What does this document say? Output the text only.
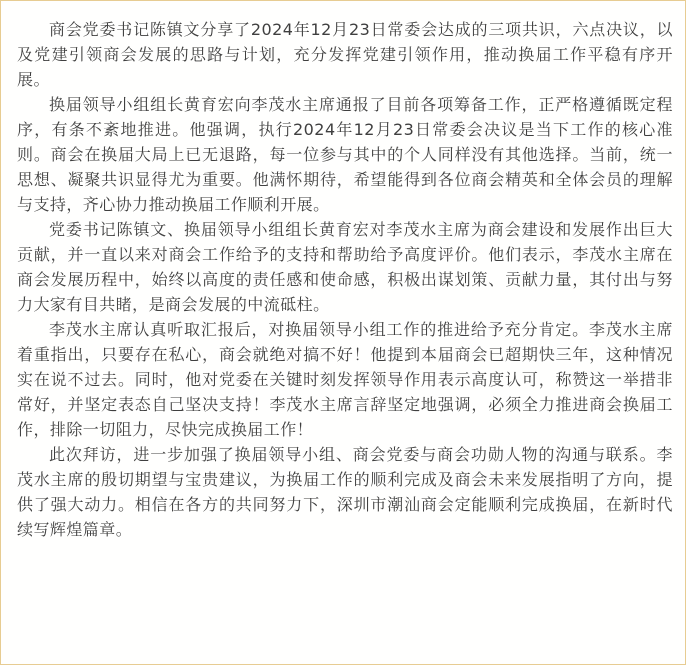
商会党委书记陈镇文分享了2024年12月23日常委会达成的三项共识，六点决议，以及党建引领商会发展的思路与计划，充分发挥党建引领作用，推动换届工作平稳有序开展。

换届领导小组组长黄育宏向李茂水主席通报了目前各项筹备工作，正严格遵循既定程序，有条不紊地推进。他强调，执行2024年12月23日常委会决议是当下工作的核心准则。商会在换届大局上已无退路，每一位参与其中的个人同样没有其他选择。当前，统一思想、凝聚共识显得尤为重要。他满怀期待，希望能得到各位商会精英和全体会员的理解与支持，齐心协力推动换届工作顺利开展。

党委书记陈镇文、换届领导小组组长黄育宏对李茂水主席为商会建设和发展作出巨大贡献，并一直以来对商会工作给予的支持和帮助给予高度评价。他们表示，李茂水主席在商会发展历程中，始终以高度的责任感和使命感，积极出谋划策、贡献力量，其付出与努力大家有目共睹，是商会发展的中流砥柱。

李茂水主席认真听取汇报后，对换届领导小组工作的推进给予充分肯定。李茂水主席着重指出，只要存在私心，商会就绝对搞不好！他提到本届商会已超期快三年，这种情况实在说不过去。同时，他对党委在关键时刻发挥领导作用表示高度认可，称赞这一举措非常好，并坚定表态自己坚决支持！李茂水主席言辞坚定地强调，必须全力推进商会换届工作，排除一切阻力，尽快完成换届工作！

此次拜访，进一步加强了换届领导小组、商会党委与商会功勋人物的沟通与联系。李茂水主席的殷切期望与宝贵建议，为换届工作的顺利完成及商会未来发展指明了方向，提供了强大动力。相信在各方的共同努力下，深圳市潮汕商会定能顺利完成换届，在新时代续写辉煌篇章。
